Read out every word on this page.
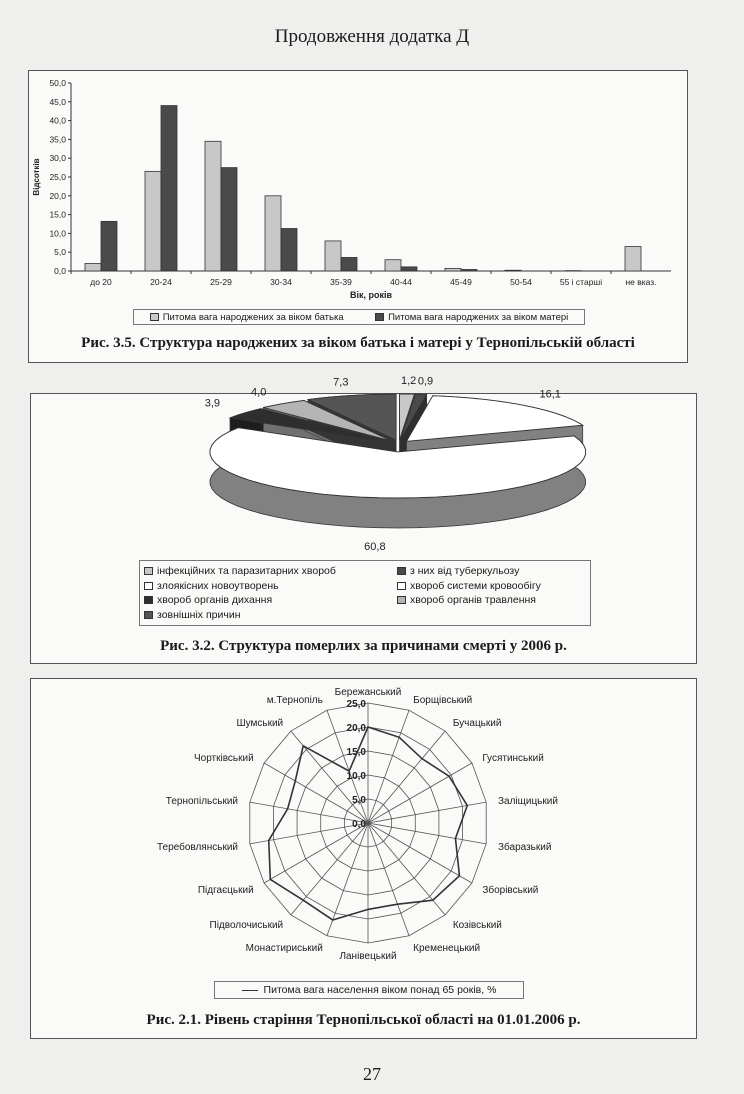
Продовження додатка Д
0,0
5,0
10,0
15,0
20,0
25,0
30,0
35,0
40,0
45,0
50,0
до 20	20-24	25-29	30-34	35-39	40-44	45-49	50-54	55 і старші	не вказ.
Вік, років
Відсотків
Питома вага народжених за віком батька	Питома вага народжених за віком матері
Рис. 3.5. Структура народжених за віком батька і матері у Тернопільській області
1,2 0,9
16,1
60,8
3,9
4,0
7,3
інфекційних та паразитарних хвороб	з них від туберкульозу
злоякісних новоутворень	хвороб системи кровообігу
хвороб органів дихання	хвороб органів травлення
зовнішніх причин
Рис. 3.2. Структура померлих за причинами смерті у 2006 р.
0,0
5,0
10,0
15,0
20,0
25,0
Бережанський
Борщівський
Бучацький
Гусятинський
Заліщицький
Збаразький
Зборівський
Козівський
Кременецький
Ланівецький
Монастириський
Підволочиський
Підгаєцький
Теребовлянський
Тернопільський
Чортківський
Шумський
м.Тернопіль
Питома вага населення віком понад 65 років, %
Рис. 2.1. Рівень старіння Тернопільської області на 01.01.2006 р.
27
